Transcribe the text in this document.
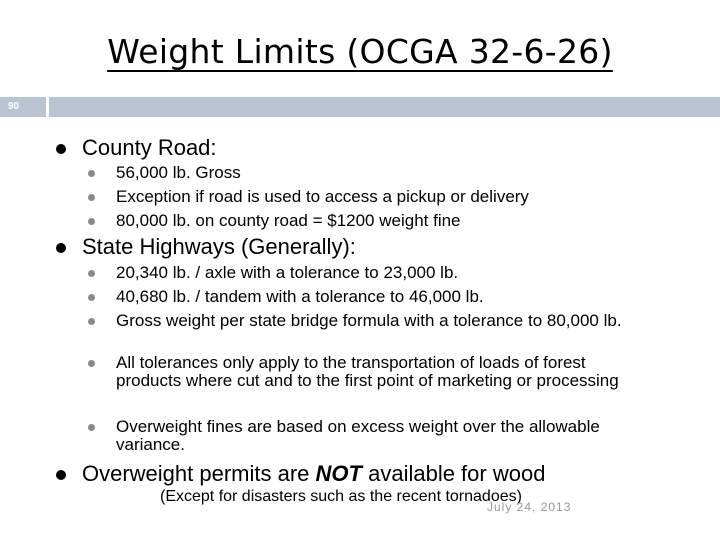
Weight Limits (OCGA 32-6-26)
90
County Road:
56,000 lb. Gross
Exception if road is used to access a pickup or delivery
80,000 lb. on county road = $1200 weight fine
State Highways (Generally):
20,340 lb. / axle with a tolerance to 23,000 lb.
40,680 lb. / tandem with a tolerance to 46,000 lb.
Gross weight per state bridge formula with a tolerance to 80,000 lb.
All tolerances only apply to the transportation of loads of forest products where cut and to the first point of marketing or processing
Overweight fines are based on excess weight over the allowable variance.
Overweight permits are NOT available for wood
(Except for disasters such as the recent tornadoes)
July 24, 2013
